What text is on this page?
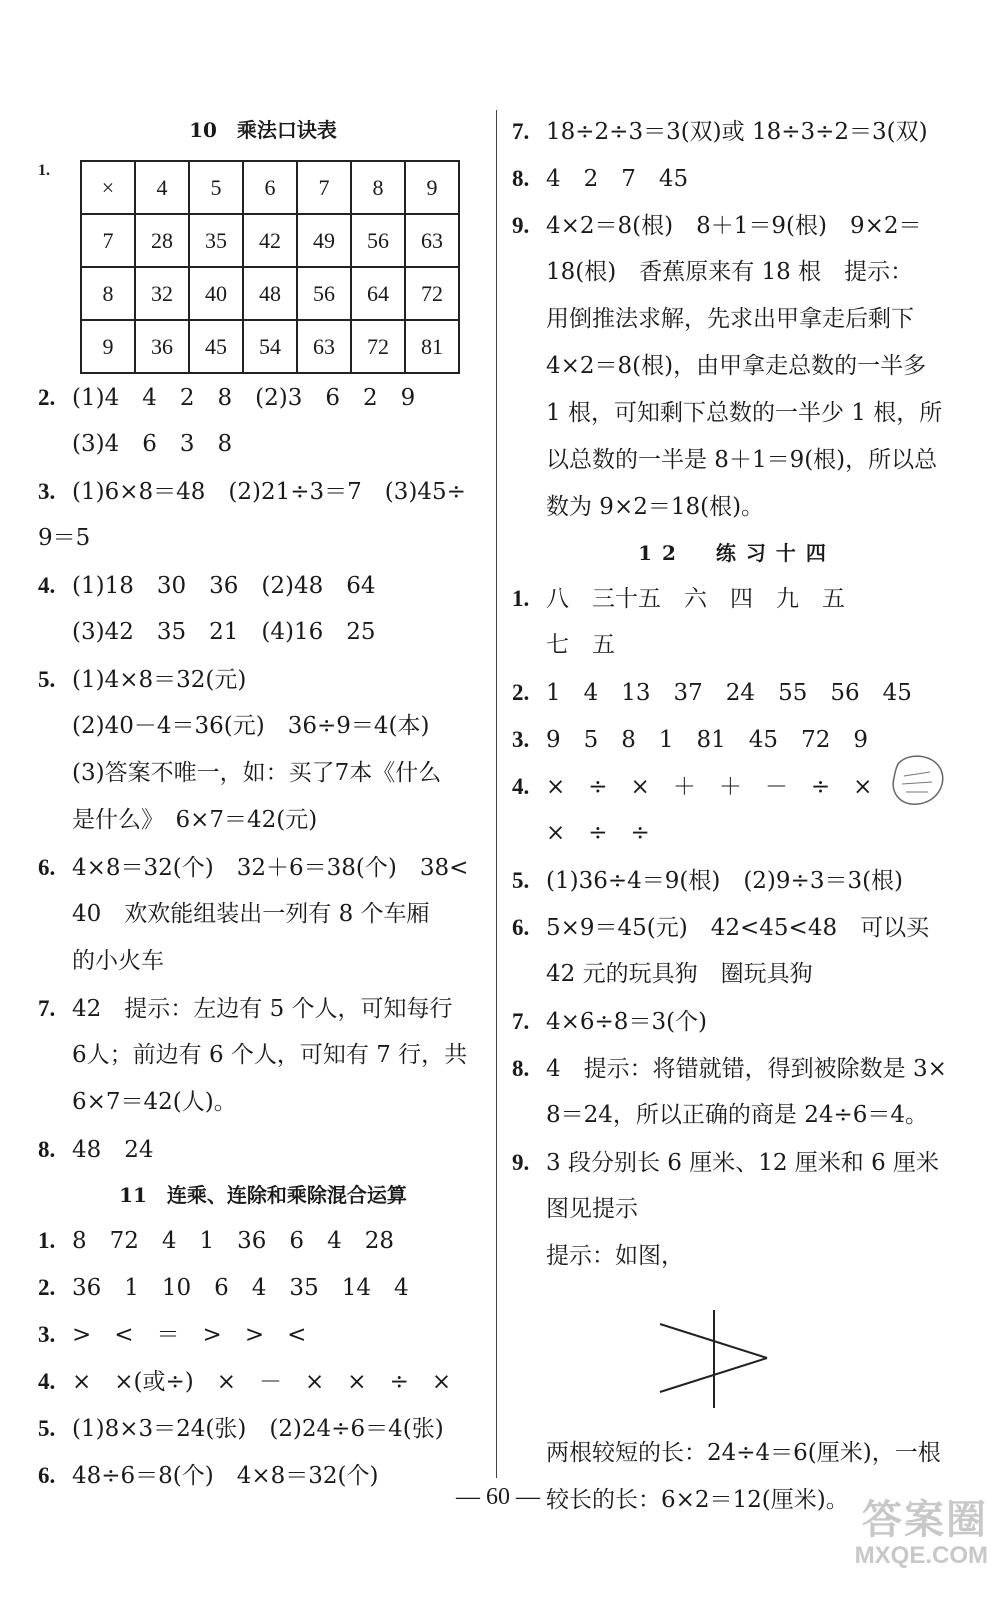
10　乘法口诀表
1.
×	4	5	6	7	8	9
7	28	35	42	49	56	63
8	32	40	48	56	64	72
9	36	45	54	63	72	81
2. (1)4　4　2　8　(2)3　6　2　9
(3)4　6　3　8
3. (1)6×8＝48　(2)21÷3＝7　(3)45÷
9＝5
4. (1)18　30　36　(2)48　64
(3)42　35　21　(4)16　25
5. (1)4×8＝32(元)
(2)40－4＝36(元)　36÷9＝4(本)
(3)答案不唯一，如：买了7本《什么
是什么》　6×7＝42(元)
6. 4×8＝32(个)　32＋6＝38(个)　38<
40　欢欢能组装出一列有 8 个车厢
的小火车
7. 42　提示：左边有 5 个人，可知每行
6人；前边有 6 个人，可知有 7 行，共
6×7＝42(人)。
8. 48　24
11　连乘、连除和乘除混合运算
1. 8　72　4　1　36　6　4　28
2. 36　1　10　6　4　35　14　4
3. >　<　＝　>　>　<
4. ×　×(或÷)　×　－　×　×　÷　×
5. (1)8×3＝24(张)　(2)24÷6＝4(张)
6. 48÷6＝8(个)　4×8＝32(个)
7. 18÷2÷3＝3(双)或 18÷3÷2＝3(双)
8. 4　2　7　45
9. 4×2＝8(根)　8＋1＝9(根)　9×2＝
18(根)　香蕉原来有 18 根　提示：
用倒推法求解，先求出甲拿走后剩下
4×2＝8(根)，由甲拿走总数的一半多
1 根，可知剩下总数的一半少 1 根，所
以总数的一半是 8＋1＝9(根)，所以总
数为 9×2＝18(根)。
12　练习十四
1. 八　三十五　六　四　九　五
七　五
2. 1　4　13　37　24　55　56　45
3. 9　5　8　1　81　45　72　9
4. ×　÷　×　＋　＋　－　÷　×
×　÷　÷
5. (1)36÷4＝9(根)　(2)9÷3＝3(根)
6. 5×9＝45(元)　42<45<48　可以买
42 元的玩具狗　圈玩具狗
7. 4×6÷8＝3(个)
8. 4　提示：将错就错，得到被除数是 3×
8＝24，所以正确的商是 24÷6＝4。
9. 3 段分别长 6 厘米、12 厘米和 6 厘米
图见提示
提示：如图，
两根较短的长：24÷4＝6(厘米)，一根
较长的长：6×2＝12(厘米)。
— 60 —	答案圈
MXQE.COM
